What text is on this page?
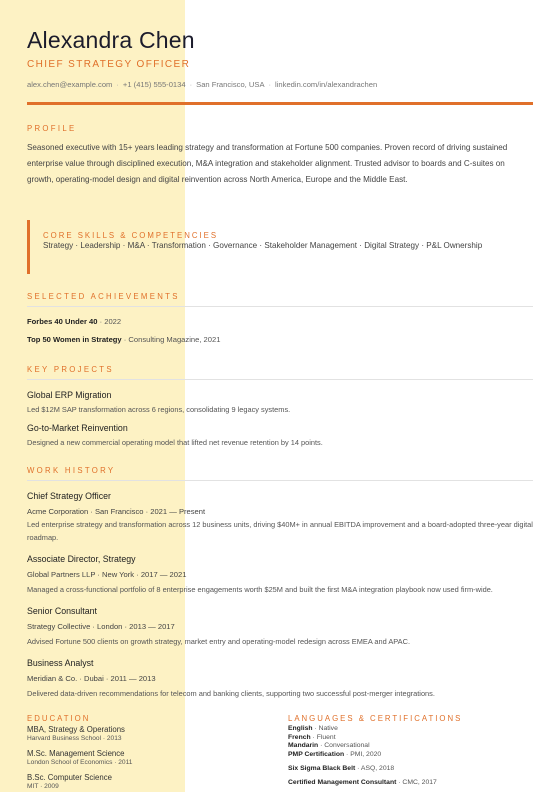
Alexandra Chen
CHIEF STRATEGY OFFICER
alex.chen@example.com · +1 (415) 555-0134 · San Francisco, USA · linkedin.com/in/alexandrachen
PROFILE
Seasoned executive with 15+ years leading strategy and transformation at Fortune 500 companies. Proven record of driving sustained enterprise value through disciplined execution, M&A integration and stakeholder alignment. Trusted advisor to boards and C-suites on growth, operating-model design and digital reinvention across North America, Europe and the Middle East.
CORE SKILLS & COMPETENCIES
Strategy · Leadership · M&A · Transformation · Governance · Stakeholder Management · Digital Strategy · P&L Ownership
SELECTED ACHIEVEMENTS
Forbes 40 Under 40 · 2022
Top 50 Women in Strategy · Consulting Magazine, 2021
KEY PROJECTS
Global ERP Migration
Led $12M SAP transformation across 6 regions, consolidating 9 legacy systems.
Go-to-Market Reinvention
Designed a new commercial operating model that lifted net revenue retention by 14 points.
WORK HISTORY
Chief Strategy Officer
Acme Corporation · San Francisco · 2021 — Present
Led enterprise strategy and transformation across 12 business units, driving $40M+ in annual EBITDA improvement and a board-adopted three-year digital roadmap.
Associate Director, Strategy
Global Partners LLP · New York · 2017 — 2021
Managed a cross-functional portfolio of 8 enterprise engagements worth $25M and built the first M&A integration playbook now used firm-wide.
Senior Consultant
Strategy Collective · London · 2013 — 2017
Advised Fortune 500 clients on growth strategy, market entry and operating-model redesign across EMEA and APAC.
Business Analyst
Meridian & Co. · Dubai · 2011 — 2013
Delivered data-driven recommendations for telecom and banking clients, supporting two successful post-merger integrations.
EDUCATION
MBA, Strategy & Operations
Harvard Business School · 2013
M.Sc. Management Science
London School of Economics · 2011
B.Sc. Computer Science
MIT · 2009
LANGUAGES & CERTIFICATIONS
English · Native
French · Fluent
Mandarin · Conversational
PMP Certification · PMI, 2020
Six Sigma Black Belt · ASQ, 2018
Certified Management Consultant · CMC, 2017
